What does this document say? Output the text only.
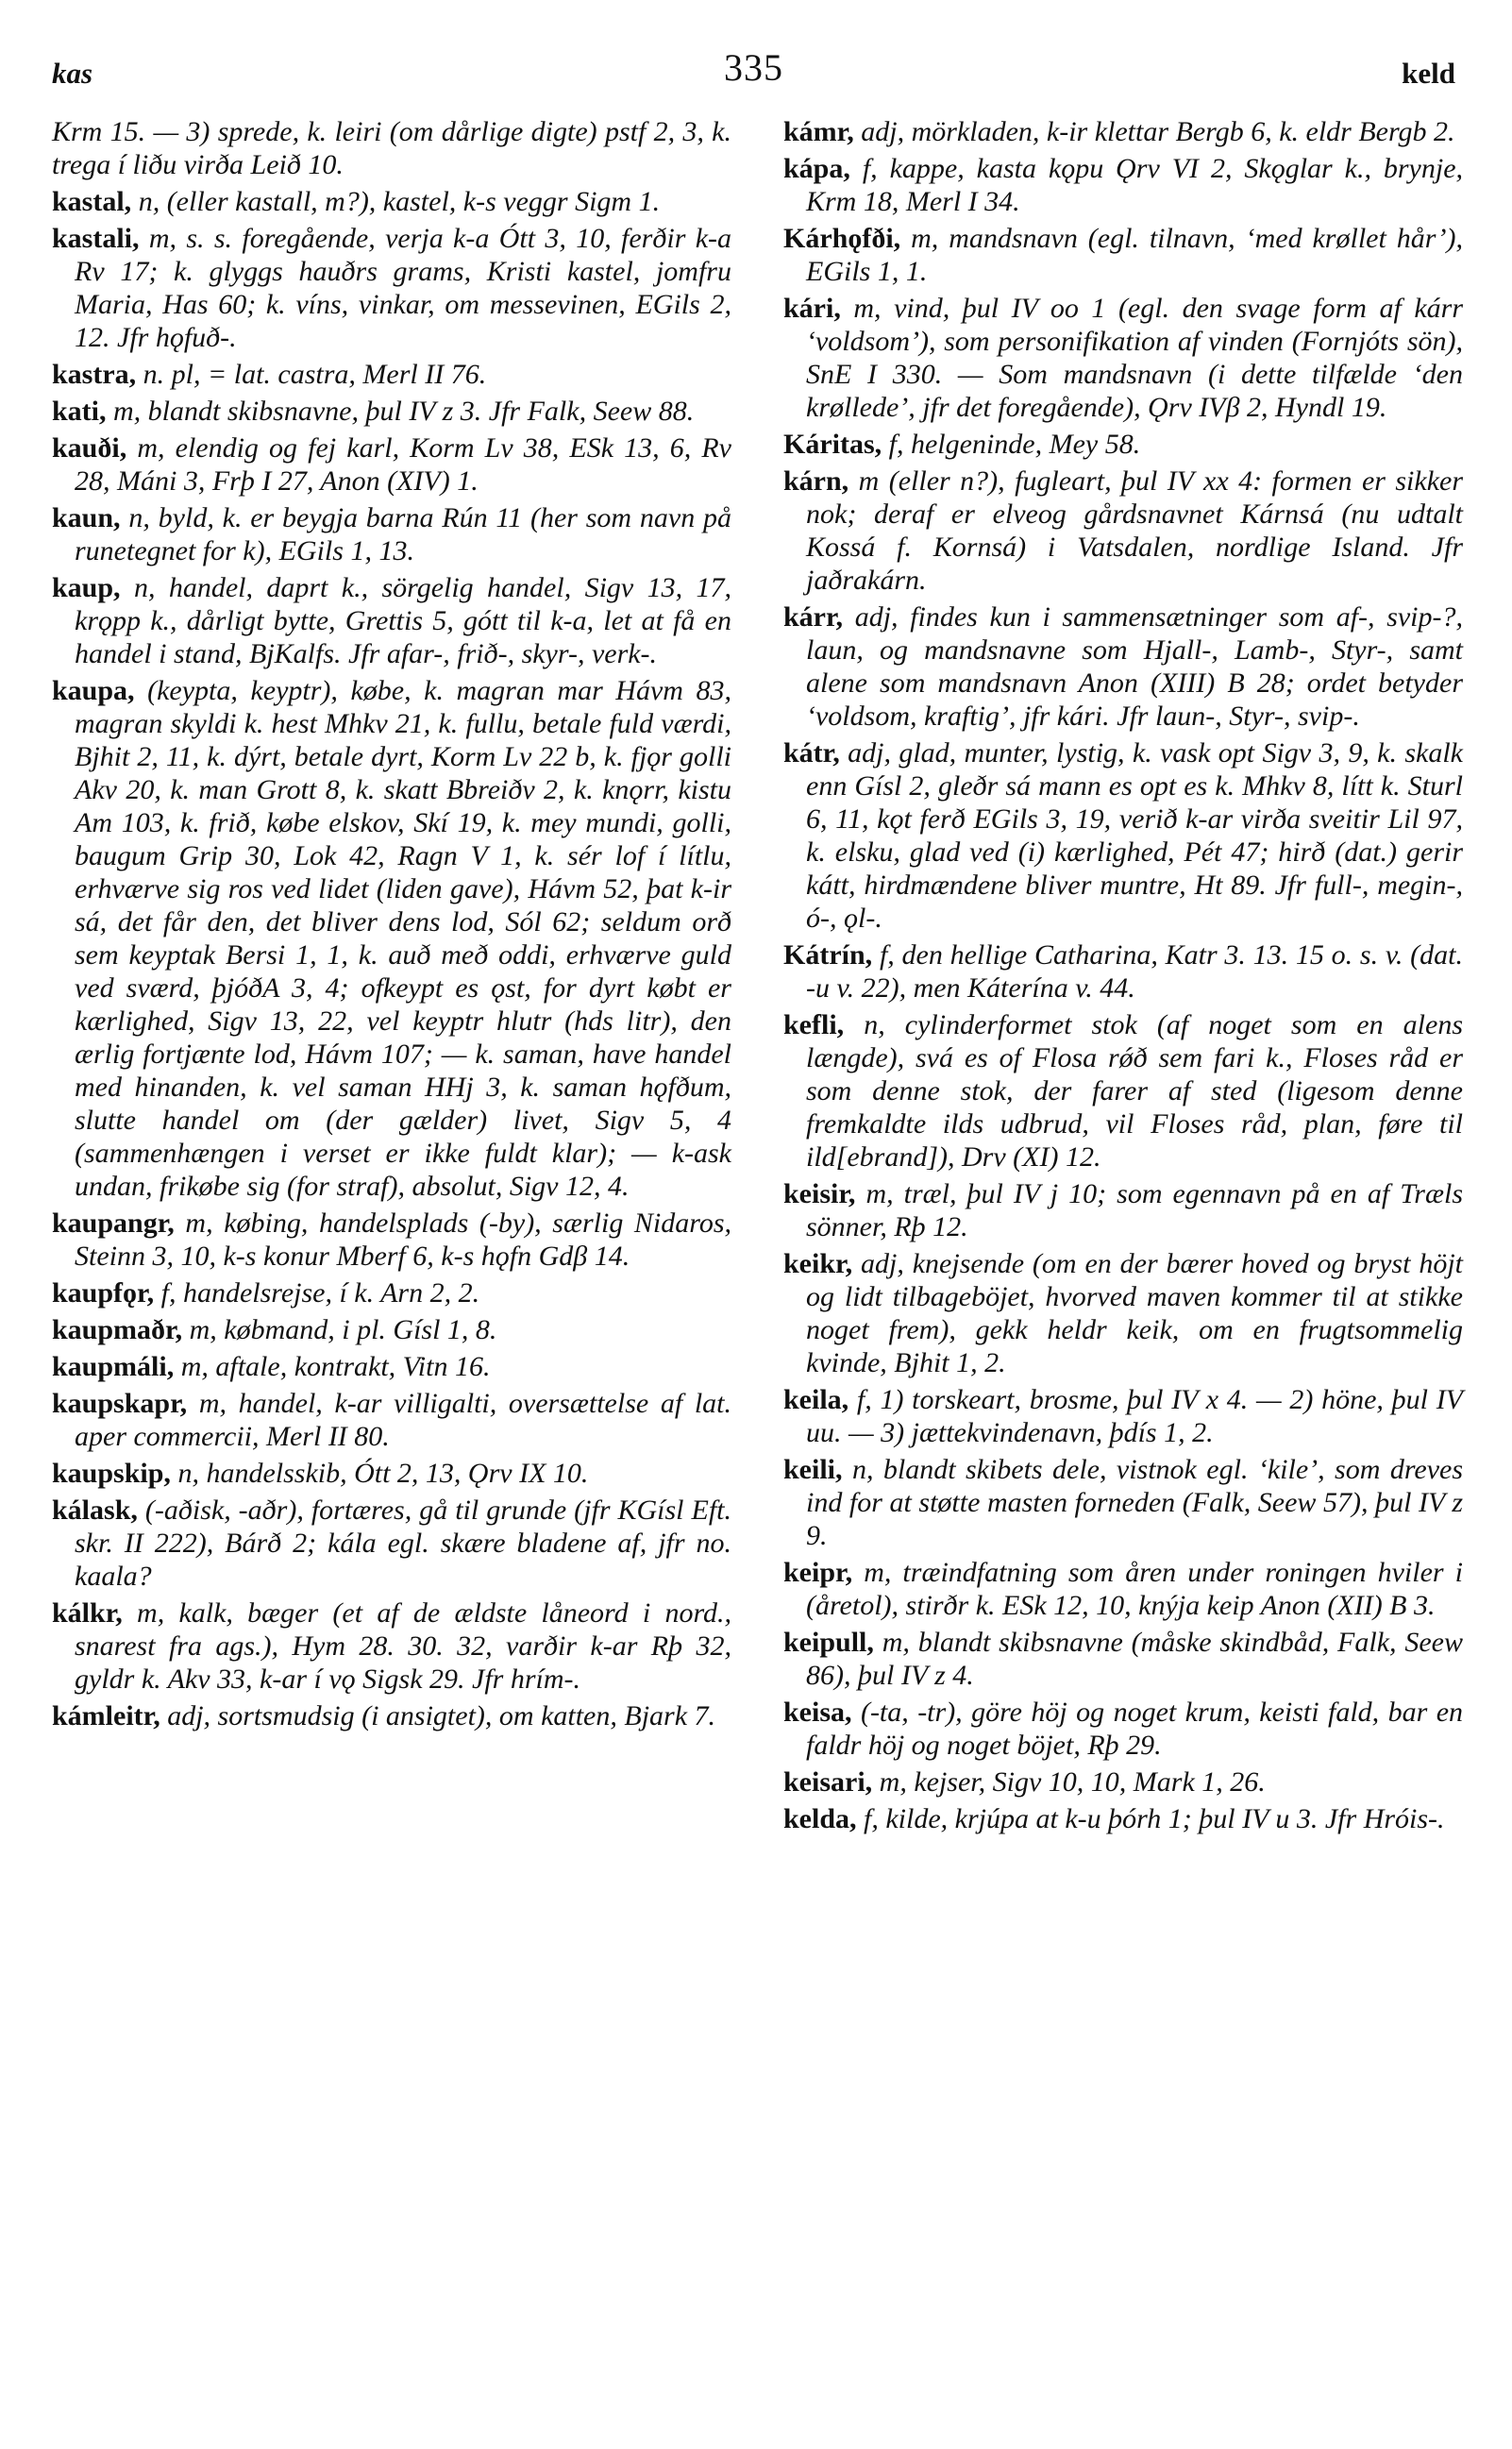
kas	335	keld

Krm 15. — 3) sprede, k. leiri (om dårlige digte) pstf 2, 3, k. trega í liðu virða Leið 10.

kastal, n, (eller kastall, m?), kastel, k-s veggr Sigm 1.

kastali, m, s. s. foregående, verja k-a Ótt 3, 10, ferðir k-a Rv 17; k. glyggs hauðrs grams, Kristi kastel, jomfru Maria, Has 60; k. víns, vinkar, om messevinen, EGils 2, 12. Jfr hǫfuð-.

kastra, n. pl, = lat. castra, Merl II 76.

kati, m, blandt skibsnavne, þul IV z 3. Jfr Falk, Seew 88.

kauði, m, elendig og fej karl, Korm Lv 38, ESk 13, 6, Rv 28, Máni 3, Frþ I 27, Anon (XIV) 1.

kaun, n, byld, k. er beygja barna Rún 11 (her som navn på runetegnet for k), EGils 1, 13.

kaup, n, handel, daprt k., sörgelig handel, Sigv 13, 17, krǫpp k., dårligt bytte, Grettis 5, gótt til k-a, let at få en handel i stand, BjKalfs. Jfr afar-, frið-, skyr-, verk-.

kaupa, (keypta, keyptr), købe, k. magran mar Hávm 83, magran skyldi k. hest Mhkv 21, k. fullu, betale fuld værdi, Bjhit 2, 11, k. dýrt, betale dyrt, Korm Lv 22 b, k. fjǫr golli Akv 20, k. man Grott 8, k. skatt Bbreiðv 2, k. knǫrr, kistu Am 103, k. frið, købe elskov, Skí 19, k. mey mundi, golli, baugum Grip 30, Lok 42, Ragn V 1, k. sér lof í lítlu, erhværve sig ros ved lidet (liden gave), Hávm 52, þat k-ir sá, det får den, det bliver dens lod, Sól 62; seldum orð sem keyptak Bersi 1, 1, k. auð með oddi, erhværve guld ved sværd, þjóðA 3, 4; ofkeypt es ǫst, for dyrt købt er kærlighed, Sigv 13, 22, vel keyptr hlutr (hds litr), den ærlig fortjænte lod, Hávm 107; — k. saman, have handel med hinanden, k. vel saman HHj 3, k. saman hǫfðum, slutte handel om (der gælder) livet, Sigv 5, 4 (sammenhængen i verset er ikke fuldt klar); — k-ask undan, frikøbe sig (for straf), absolut, Sigv 12, 4.

kaupangr, m, købing, handelsplads (-by), særlig Nidaros, Steinn 3, 10, k-s konur Mberf 6, k-s hǫfn Gdβ 14.

kaupfǫr, f, handelsrejse, í k. Arn 2, 2.

kaupmaðr, m, købmand, i pl. Gísl 1, 8.

kaupmáli, m, aftale, kontrakt, Vitn 16.

kaupskapr, m, handel, k-ar villigalti, oversættelse af lat. aper commercii, Merl II 80.

kaupskip, n, handelsskib, Ótt 2, 13, Ǫrv IX 10.

kálask, (-aðisk, -aðr), fortæres, gå til grunde (jfr KGísl Eft. skr. II 222), Bárð 2; kála egl. skære bladene af, jfr no. kaala?

kálkr, m, kalk, bæger (et af de ældste låneord i nord., snarest fra ags.), Hym 28. 30. 32, varðir k-ar Rþ 32, gyldr k. Akv 33, k-ar í vǫ Sigsk 29. Jfr hrím-.

kámleitr, adj, sortsmudsig (i ansigtet), om katten, Bjark 7.

kámr, adj, mörkladen, k-ir klettar Bergb 6, k. eldr Bergb 2.

kápa, f, kappe, kasta kǫpu Ǫrv VI 2, Skǫglar k., brynje, Krm 18, Merl I 34.

Kárhǫfði, m, mandsnavn (egl. tilnavn, ‘med krøllet hår’), EGils 1, 1.

kári, m, vind, þul IV oo 1 (egl. den svage form af kárr ‘voldsom’), som personifikation af vinden (Fornjóts sön), SnE I 330. — Som mandsnavn (i dette tilfælde ‘den krøllede’, jfr det foregående), Ǫrv IVβ 2, Hyndl 19.

Káritas, f, helgeninde, Mey 58.

kárn, m (eller n?), fugleart, þul IV xx 4: formen er sikker nok; deraf er elveog gårdsnavnet Kárnsá (nu udtalt Kossá f. Kornsá) i Vatsdalen, nordlige Island. Jfr jaðrakárn.

kárr, adj, findes kun i sammensætninger som af-, svip-?, laun, og mandsnavne som Hjall-, Lamb-, Styr-, samt alene som mandsnavn Anon (XIII) B 28; ordet betyder ‘voldsom, kraftig’, jfr kári. Jfr laun-, Styr-, svip-.

kátr, adj, glad, munter, lystig, k. vask opt Sigv 3, 9, k. skalk enn Gísl 2, gleðr sá mann es opt es k. Mhkv 8, lítt k. Sturl 6, 11, kǫt ferð EGils 3, 19, verið k-ar virða sveitir Lil 97, k. elsku, glad ved (i) kærlighed, Pét 47; hirð (dat.) gerir kátt, hirdmændene bliver muntre, Ht 89. Jfr full-, megin-, ó-, ǫl-.

Kátrín, f, den hellige Catharina, Katr 3. 13. 15 o. s. v. (dat. -u v. 22), men Káterína v. 44.

kefli, n, cylinderformet stok (af noget som en alens længde), svá es of Flosa rǿð sem fari k., Floses råd er som denne stok, der farer af sted (ligesom denne fremkaldte ilds udbrud, vil Floses råd, plan, føre til ild[ebrand]), Drv (XI) 12.

keisir, m, træl, þul IV j 10; som egennavn på en af Træls sönner, Rþ 12.

keikr, adj, knejsende (om en der bærer hoved og bryst höjt og lidt tilbageböjet, hvorved maven kommer til at stikke noget frem), gekk heldr keik, om en frugtsommelig kvinde, Bjhit 1, 2.

keila, f, 1) torskeart, brosme, þul IV x 4. — 2) höne, þul IV uu. — 3) jættekvindenavn, þdís 1, 2.

keili, n, blandt skibets dele, vistnok egl. ‘kile’, som dreves ind for at støtte masten forneden (Falk, Seew 57), þul IV z 9.

keipr, m, træindfatning som åren under roningen hviler i (åretol), stirðr k. ESk 12, 10, knýja keip Anon (XII) B 3.

keipull, m, blandt skibsnavne (måske skindbåd, Falk, Seew 86), þul IV z 4.

keisa, (-ta, -tr), göre höj og noget krum, keisti fald, bar en faldr höj og noget böjet, Rþ 29.

keisari, m, kejser, Sigv 10, 10, Mark 1, 26.

kelda, f, kilde, krjúpa at k-u þórh 1; þul IV u 3. Jfr Hróis-.
